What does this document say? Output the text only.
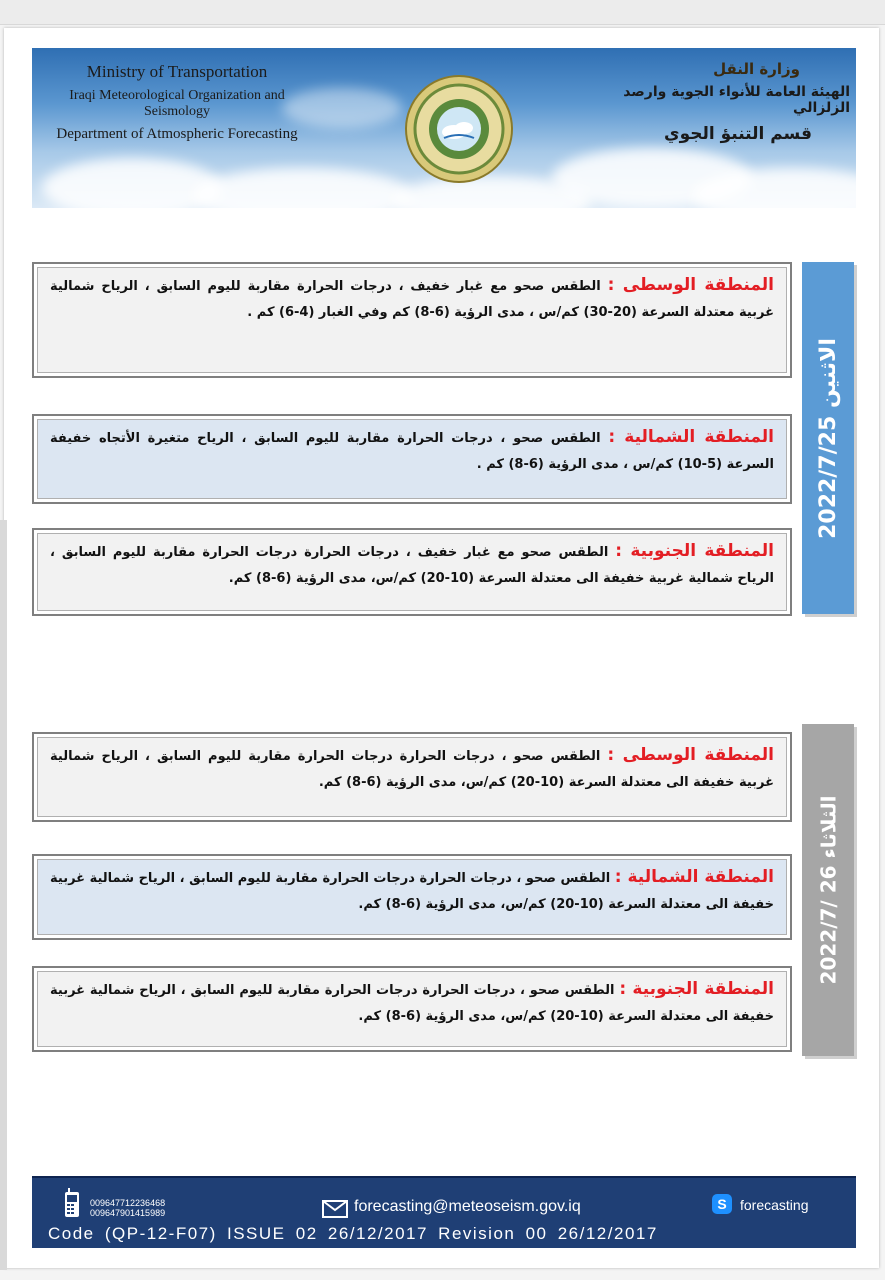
Ministry of Transportation
Iraqi Meteorological Organization and Seismology
Department of Atmospheric Forecasting
وزارة النقل
الهيئة العامة للأنواء الجوية وارصد الزلزالي
قسم التنبؤ الجوي
2022/7/25 الاثنين
المنطقة الوسطى : الطقس صحو مع غبار خفيف ، درجات الحرارة مقاربة لليوم السابق ، الرياح شمالية غربية معتدلة السرعة (20-30) كم/س ، مدى الرؤية (6-8) كم وفي الغبار (4-6) كم .
المنطقة الشمالية : الطقس صحو ، درجات الحرارة مقاربة لليوم السابق ، الرياح متغيرة الأتجاه خفيفة السرعة (5-10) كم/س ، مدى الرؤية (6-8) كم .
المنطقة الجنوبية : الطقس صحو مع غبار خفيف ، درجات الحرارة درجات الحرارة مقاربة لليوم السابق ، الرياح شمالية غربية خفيفة الى معتدلة السرعة (10-20) كم/س، مدى الرؤية (6-8) كم.
2022/7/ 26 الثلاثاء
المنطقة الوسطى : الطقس صحو ، درجات الحرارة درجات الحرارة مقاربة لليوم السابق ، الرياح شمالية غربية خفيفة الى معتدلة السرعة (10-20) كم/س، مدى الرؤية (6-8) كم.
المنطقة الشمالية : الطقس صحو ، درجات الحرارة درجات الحرارة مقاربة لليوم السابق ، الرياح شمالية غربية خفيفة الى معتدلة السرعة (10-20) كم/س، مدى الرؤية (6-8) كم.
المنطقة الجنوبية : الطقس صحو ، درجات الحرارة درجات الحرارة مقاربة لليوم السابق ، الرياح شمالية غربية خفيفة الى معتدلة السرعة (10-20) كم/س، مدى الرؤية (6-8) كم.
009647712236468
009647901415989	forecasting@meteoseism.gov.iq	S forecasting
Code (QP-12-F07) ISSUE 02 26/12/2017 Revision 00 26/12/2017
